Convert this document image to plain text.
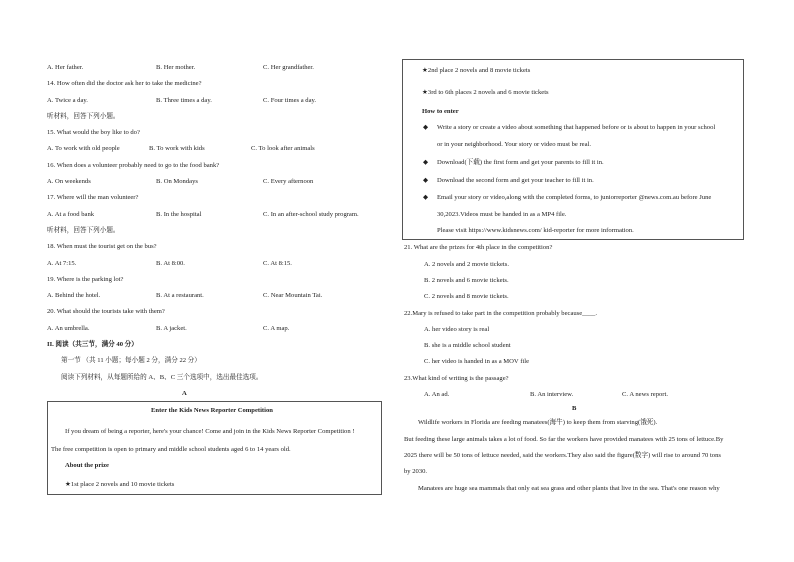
A. Her father.	B. Her mother.	C. Her grandfather.
14. How often did the doctor ask her to take the medicine?
A. Twice a day.	B. Three times a day.	C. Four times a day.
听材料，回答下列小题。
15. What would the boy like to do?
A. To work with old people	B. To work with kids	C. To look after animals
16. When does a volunteer probably need to go to the food bank?
A. On weekends	B. On Mondays	C. Every afternoon
17. Where will the man volunteer?
A. At a food bank	B. In the hospital	C. In an after-school study program.
听材料，回答下列小题。
18. When must the tourist get on the bus?
A. At 7:15.	B. At 8:00.	C. At 8:15.
19. Where is the parking lot?
A. Behind the hotel.	B. At a restaurant.	C. Near Mountain Tai.
20. What should the tourists take with them?
A. An umbrella.	B. A jacket.	C. A map.
II. 阅读（共三节，满分 40 分）
第一节 （共 11 小题；每小题 2 分，满分 22 分）
阅读下列材料，从每题所给的 A、B、C 三个选项中，选出最佳选项。
A
Enter the Kids News Reporter Competition
If you dream of being a reporter, here's your chance! Come and join in the Kids News Reporter Competition !
The free competition is open to primary and middle school students aged 6 to 14 years old.
About the prize
★1st place 2 novels and 10 movie tickets
★2nd place 2 novels and 8 movie tickets
★3rd to 6th places 2 novels and 6 movie tickets
How to enter
◆ Write a story or create a video about something that happened before or is about to happen in your school
or in your neighborhood. Your story or video must be real.
◆ Download(下载) the first form and get your parents to fill it in.
◆ Download the second form and get your teacher to fill it in.
◆ Email your story or video,along with the completed forms, to juniorreporter @news.com.au before June
30,2023.Videos must be handed in as a MP4 file.
Please visit https://www.kidsnews.com/ kid-reporter for more information.
21. What are the prizes for 4th place in the competition?
A. 2 novels and 2 movie tickets.
B. 2 novels and 6 movie tickets.
C. 2 novels and 8 movie tickets.
22.Mary is refused to take part in the competition probably because____.
A. her video story is real
B. she is a middle school student
C. her video is handed in as a MOV file
23.What kind of writing is the passage?
A. An ad.	B. An interview.	C. A news report.
B
Wildlife workers in Florida are feeding manatees(海牛) to keep them from starving(饿死).
But feeding these large animals takes a lot of food. So far the workers have provided manatees with 25 tons of lettuce.By
2025 there will be 50 tons of lettuce needed, said the workers.They also said the figure(数字) will rise to around 70 tons
by 2030.
Manatees are huge sea mammals that only eat sea grass and other plants that live in the sea. That's one reason why
